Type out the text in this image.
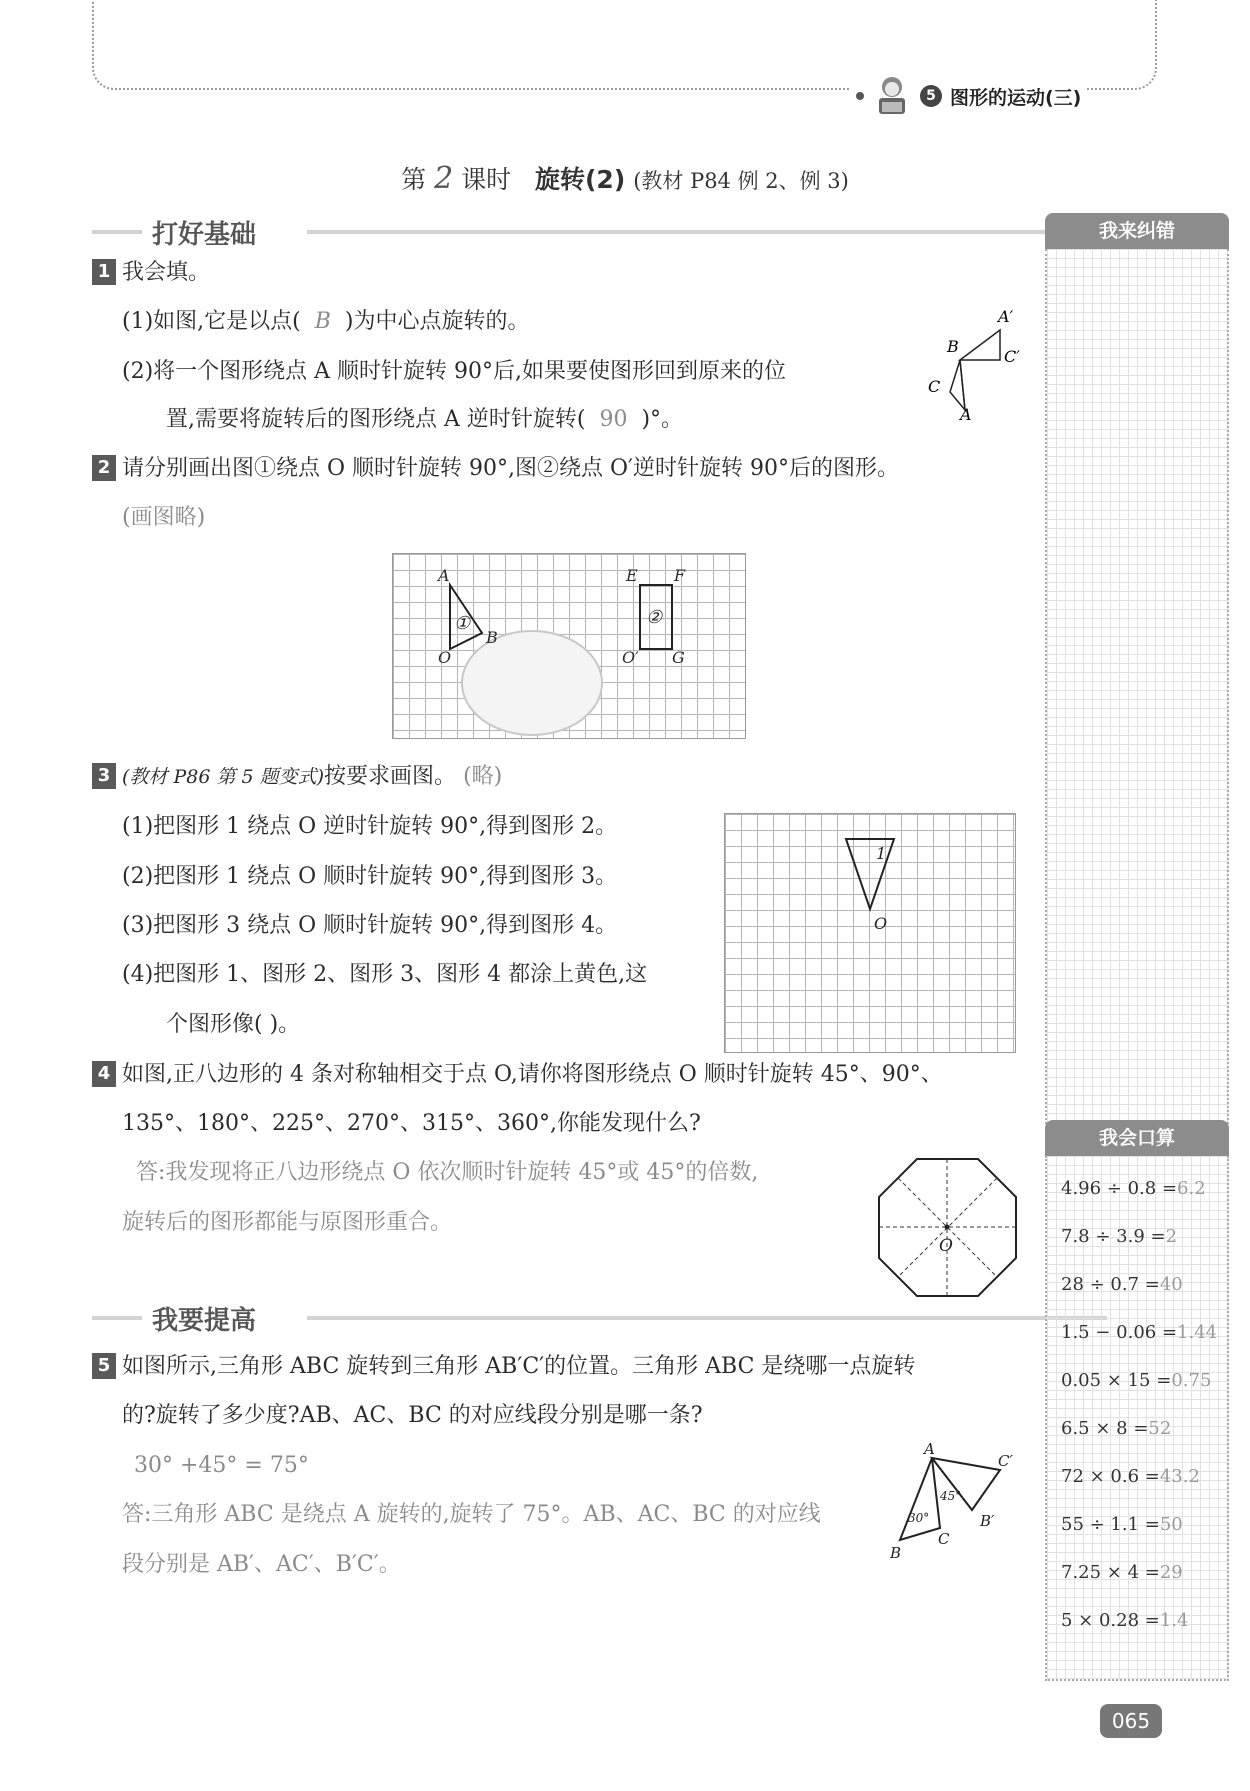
5 图形的运动(三)
第 2 课时 旋转(2) (教材 P84 例 2、例 3)
打好基础
1 我会填。
(1)如图,它是以点( B )为中心点旋转的。
(2)将一个图形绕点 A 顺时针旋转 90°后,如果要使图形回到原来的位
置,需要将旋转后的图形绕点 A 逆时针旋转( 90 )°。
A′
B
C′
C
A
2 请分别画出图①绕点 O 顺时针旋转 90°,图②绕点 O′逆时针旋转 90°后的图形。
(画图略)
A
①
B
O
E F
②
O′ G
3 (教材 P86 第 5 题变式)按要求画图。 (略)
(1)把图形 1 绕点 O 逆时针旋转 90°,得到图形 2。
(2)把图形 1 绕点 O 顺时针旋转 90°,得到图形 3。
(3)把图形 3 绕点 O 顺时针旋转 90°,得到图形 4。
(4)把图形 1、图形 2、图形 3、图形 4 都涂上黄色,这
个图形像( )。
1
O
4 如图,正八边形的 4 条对称轴相交于点 O,请你将图形绕点 O 顺时针旋转 45°、90°、
135°、180°、225°、270°、315°、360°,你能发现什么?
答:我发现将正八边形绕点 O 依次顺时针旋转 45°或 45°的倍数,
旋转后的图形都能与原图形重合。
O
我要提高
5 如图所示,三角形 ABC 旋转到三角形 AB′C′的位置。三角形 ABC 是绕哪一点旋转
的?旋转了多少度?AB、AC、BC 的对应线段分别是哪一条?
30° +45° = 75°
答:三角形 ABC 是绕点 A 旋转的,旋转了 75°。AB、AC、BC 的对应线
段分别是 AB′、AC′、B′C′。
A
C′
45°
30°	B′
B
C
我来纠错
我会口算
4.96 ÷ 0.8 =6.2
7.8 ÷ 3.9 =2
28 ÷ 0.7 =40
1.5 − 0.06 =1.44
0.05 × 15 =0.75
6.5 × 8 =52
72 × 0.6 =43.2
55 ÷ 1.1 =50
7.25 × 4 =29
5 × 0.28 =1.4
065
